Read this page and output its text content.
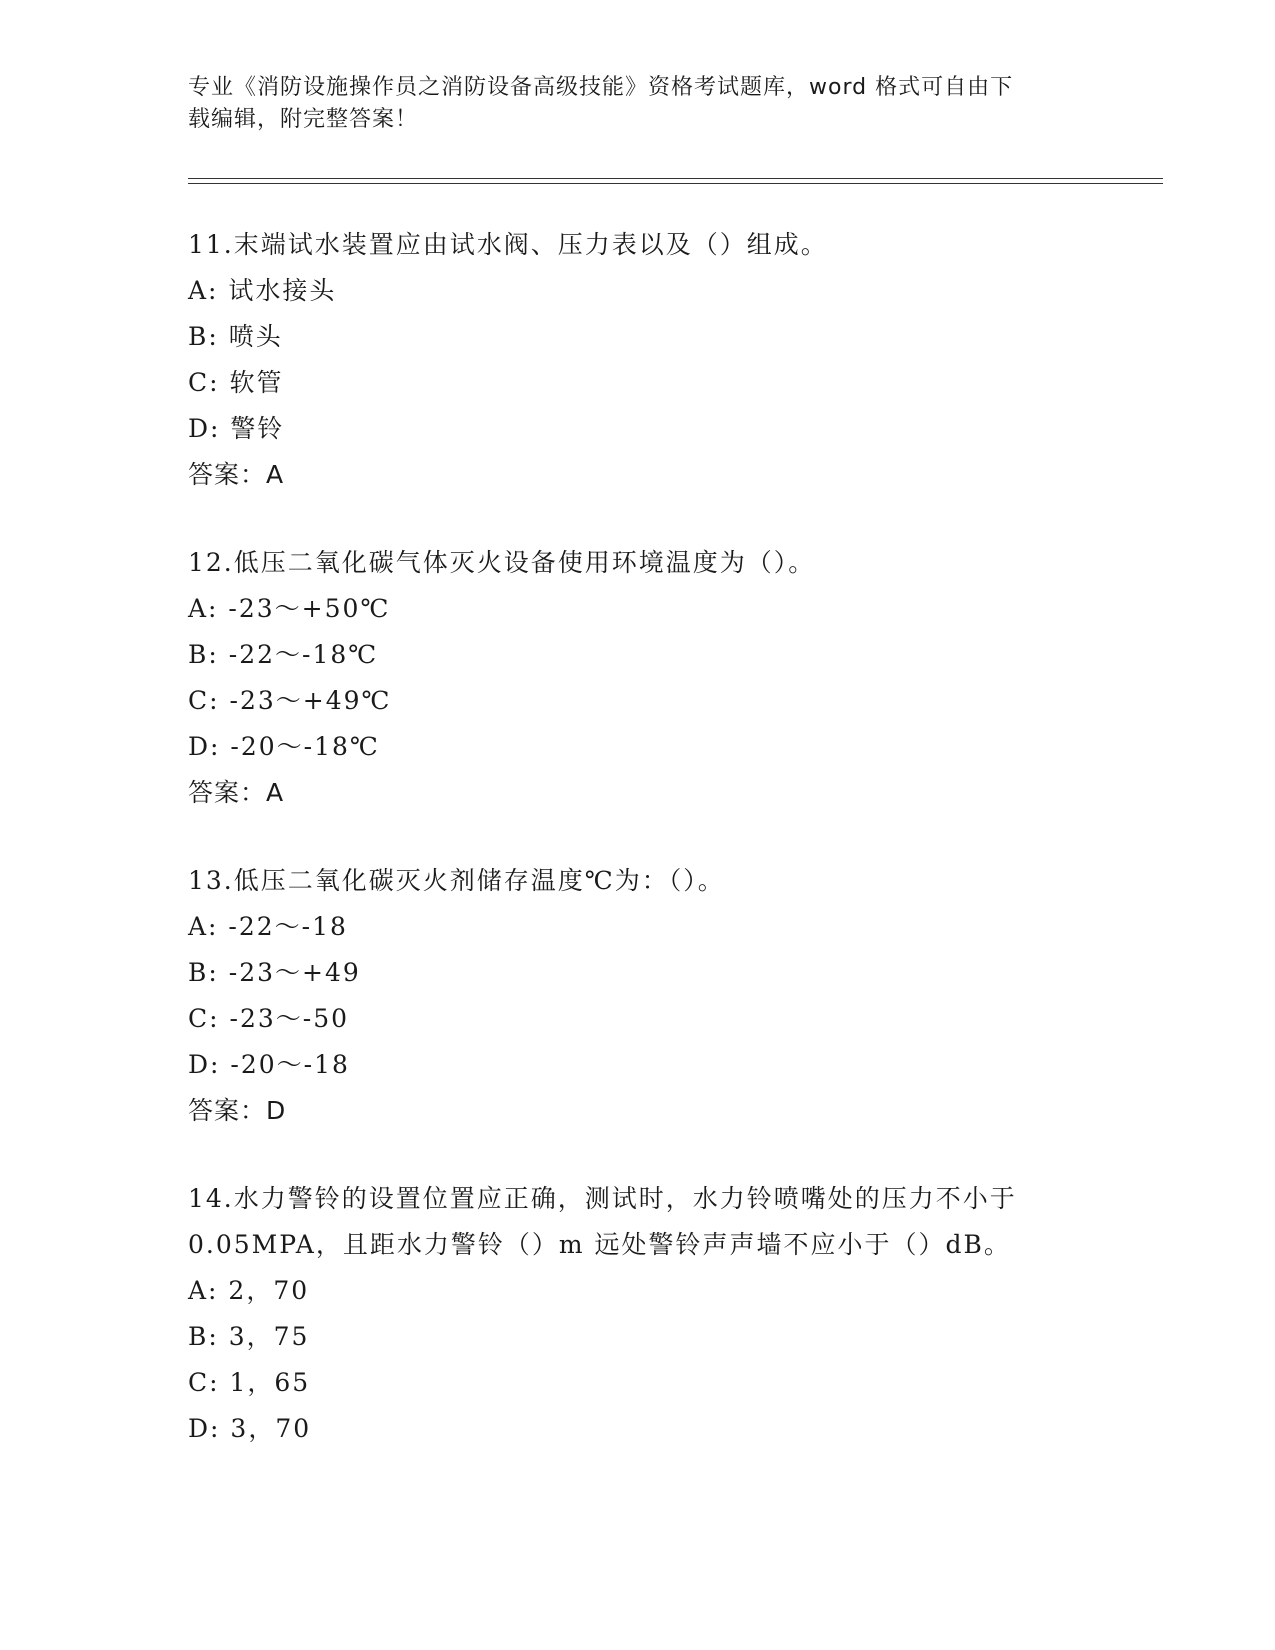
专业《消防设施操作员之消防设备高级技能》资格考试题库，word 格式可自由下
载编辑，附完整答案！
11.末端试水装置应由试水阀、压力表以及（）组成。
A: 试水接头
B: 喷头
C: 软管
D: 警铃
答案：A
12.低压二氧化碳气体灭火设备使用环境温度为（）。
A: -23～+50℃
B: -22～-18℃
C: -23～+49℃
D: -20～-18℃
答案：A
13.低压二氧化碳灭火剂储存温度℃为：（）。
A: -22～-18
B: -23～+49
C: -23～-50
D: -20～-18
答案：D
14.水力警铃的设置位置应正确，测试时，水力铃喷嘴处的压力不小于
0.05MPA，且距水力警铃（）m 远处警铃声声墙不应小于（）dB。
A: 2，70
B: 3，75
C: 1，65
D: 3，70
